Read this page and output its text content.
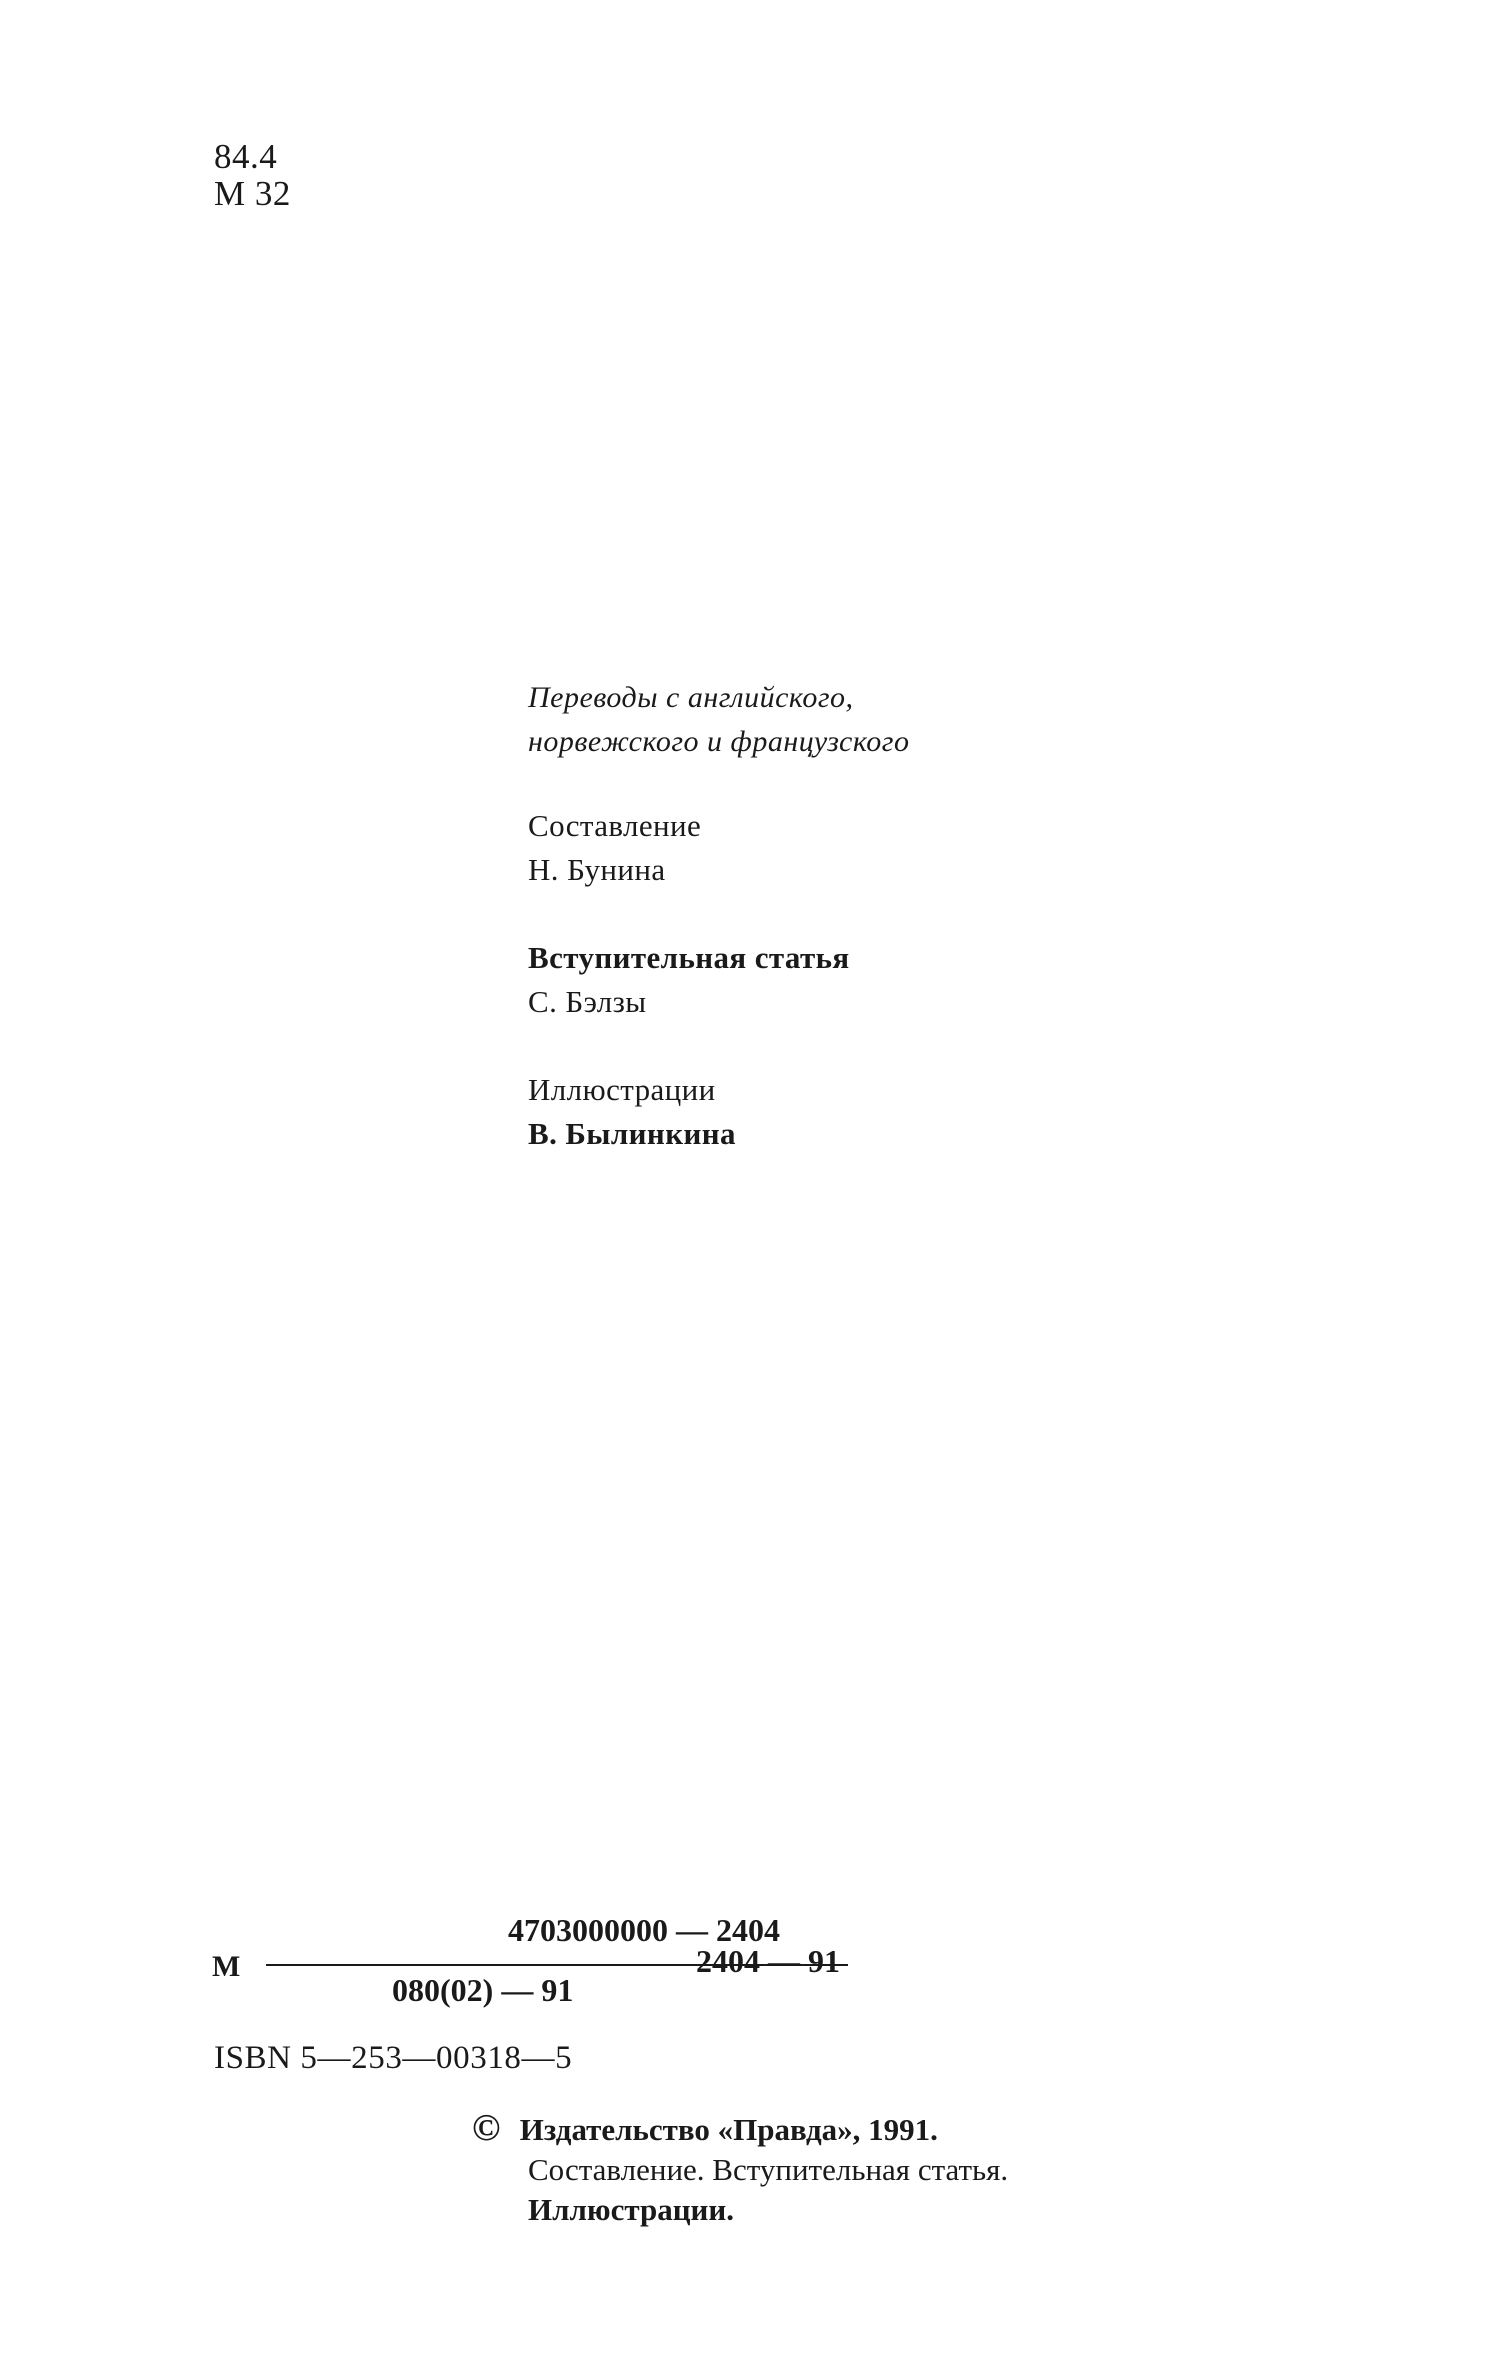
84.4
М 32
Переводы с английского,
норвежского и французского
Составление
Н. Бунина
Вступительная статья
С. Бэлзы
Иллюстрации
В. Былинкина
М
4703000000 — 2404
080(02) — 91
2404 — 91
ISBN 5—253—00318—5
© Издательство «Правда», 1991.
Составление. Вступительная статья.
Иллюстрации.
